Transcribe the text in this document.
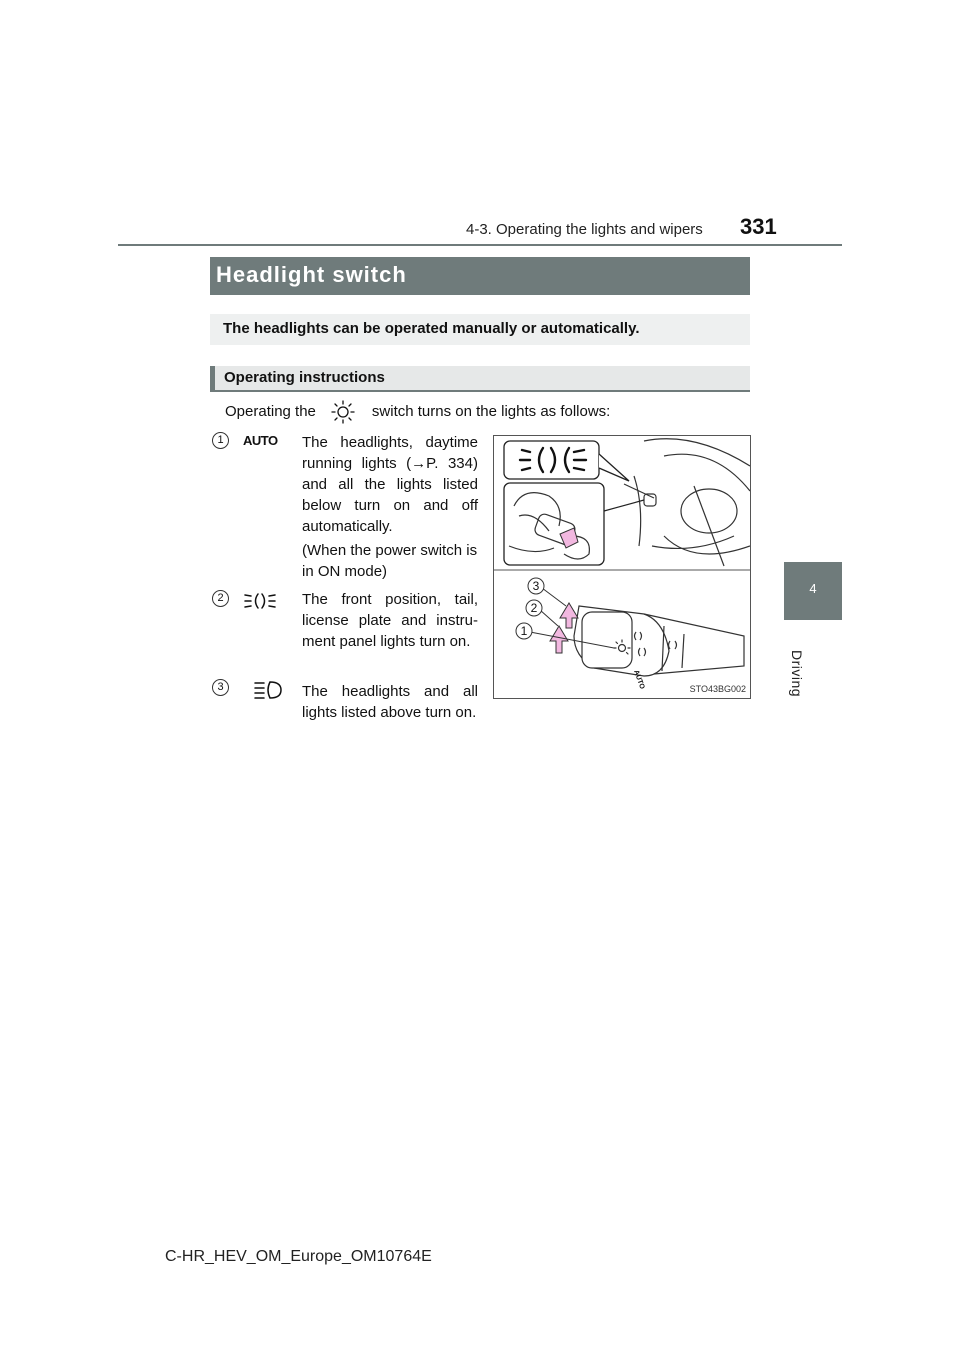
4-3. Operating the lights and wipers 331
4
Driving
Headlight switch
The headlights can be operated manually or automatically.
Operating instructions
Operating the	switch turns on the lights as follows:
1	AUTO The headlights, daytime running lights (→P. 334) and all the lights listed below turn on and off automatically.
(When the power switch is in ON mode)
2	The front position, tail, license plate and instru-ment panel lights turn on.
3	The headlights and all lights listed above turn on.
AUTO
3
2
1
STO43BG002
C-HR_HEV_OM_Europe_OM10764E
